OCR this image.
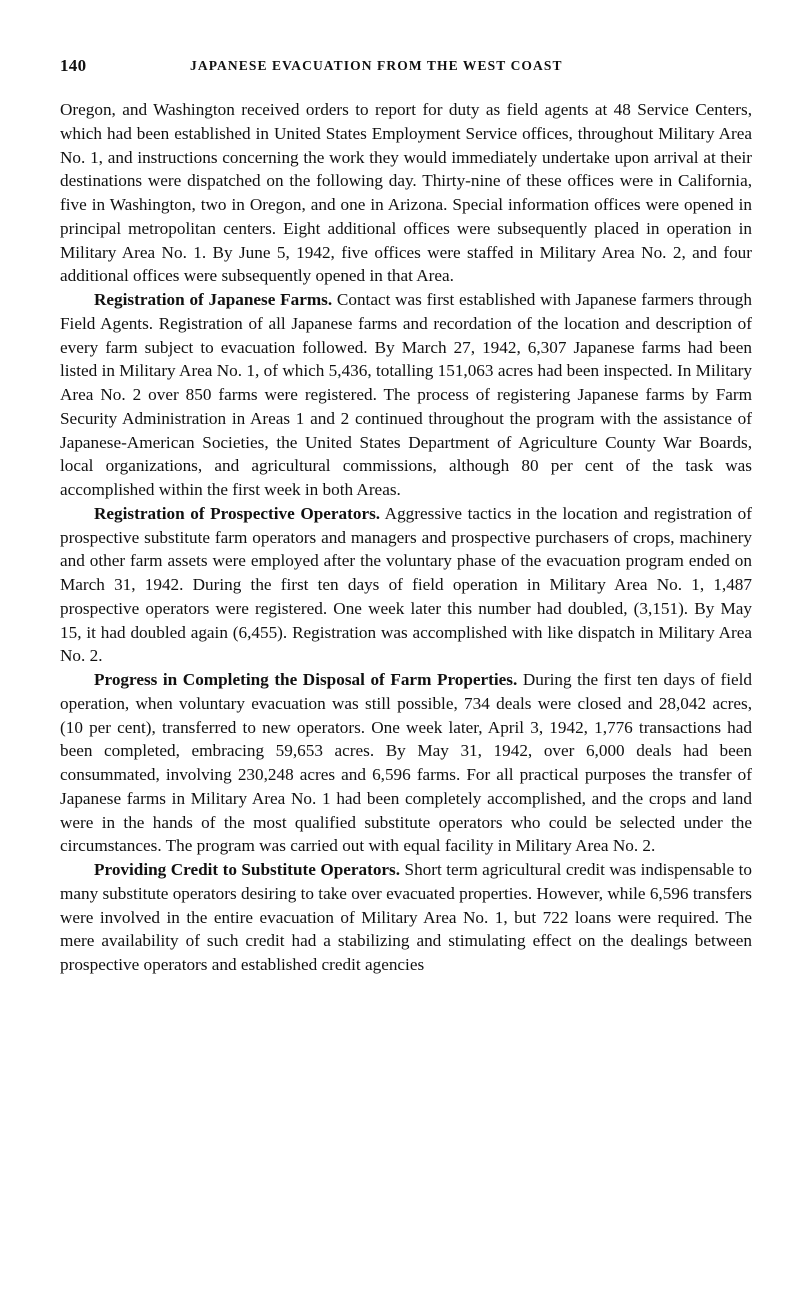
140	JAPANESE EVACUATION FROM THE WEST COAST

Oregon, and Washington received orders to report for duty as field agents at 48 Service Centers, which had been established in United States Employment Service offices, throughout Military Area No. 1, and instructions concerning the work they would immediately undertake upon arrival at their destinations were dispatched on the following day. Thirty-nine of these offices were in California, five in Washington, two in Oregon, and one in Arizona. Special information offices were opened in principal metropolitan centers. Eight additional offices were subsequently placed in operation in Military Area No. 1. By June 5, 1942, five offices were staffed in Military Area No. 2, and four additional offices were subsequently opened in that Area.

Registration of Japanese Farms. Contact was first established with Japanese farmers through Field Agents. Registration of all Japanese farms and recordation of the location and description of every farm subject to evacuation followed. By March 27, 1942, 6,307 Japanese farms had been listed in Military Area No. 1, of which 5,436, totalling 151,063 acres had been inspected. In Military Area No. 2 over 850 farms were registered. The process of registering Japanese farms by Farm Security Administration in Areas 1 and 2 continued throughout the program with the assistance of Japanese-American Societies, the United States Department of Agriculture County War Boards, local organizations, and agricultural commissions, although 80 per cent of the task was accomplished within the first week in both Areas.

Registration of Prospective Operators. Aggressive tactics in the location and registration of prospective substitute farm operators and managers and prospective purchasers of crops, machinery and other farm assets were employed after the voluntary phase of the evacuation program ended on March 31, 1942. During the first ten days of field operation in Military Area No. 1, 1,487 prospective operators were registered. One week later this number had doubled, (3,151). By May 15, it had doubled again (6,455). Registration was accomplished with like dispatch in Military Area No. 2.

Progress in Completing the Disposal of Farm Properties. During the first ten days of field operation, when voluntary evacuation was still possible, 734 deals were closed and 28,042 acres, (10 per cent), transferred to new operators. One week later, April 3, 1942, 1,776 transactions had been completed, embracing 59,653 acres. By May 31, 1942, over 6,000 deals had been consummated, involving 230,248 acres and 6,596 farms. For all practical purposes the transfer of Japanese farms in Military Area No. 1 had been completely accomplished, and the crops and land were in the hands of the most qualified substitute operators who could be selected under the circumstances. The program was carried out with equal facility in Military Area No. 2.

Providing Credit to Substitute Operators. Short term agricultural credit was indispensable to many substitute operators desiring to take over evacuated properties. However, while 6,596 transfers were involved in the entire evacuation of Military Area No. 1, but 722 loans were required. The mere availability of such credit had a stabilizing and stimulating effect on the dealings between prospective operators and established credit agencies
